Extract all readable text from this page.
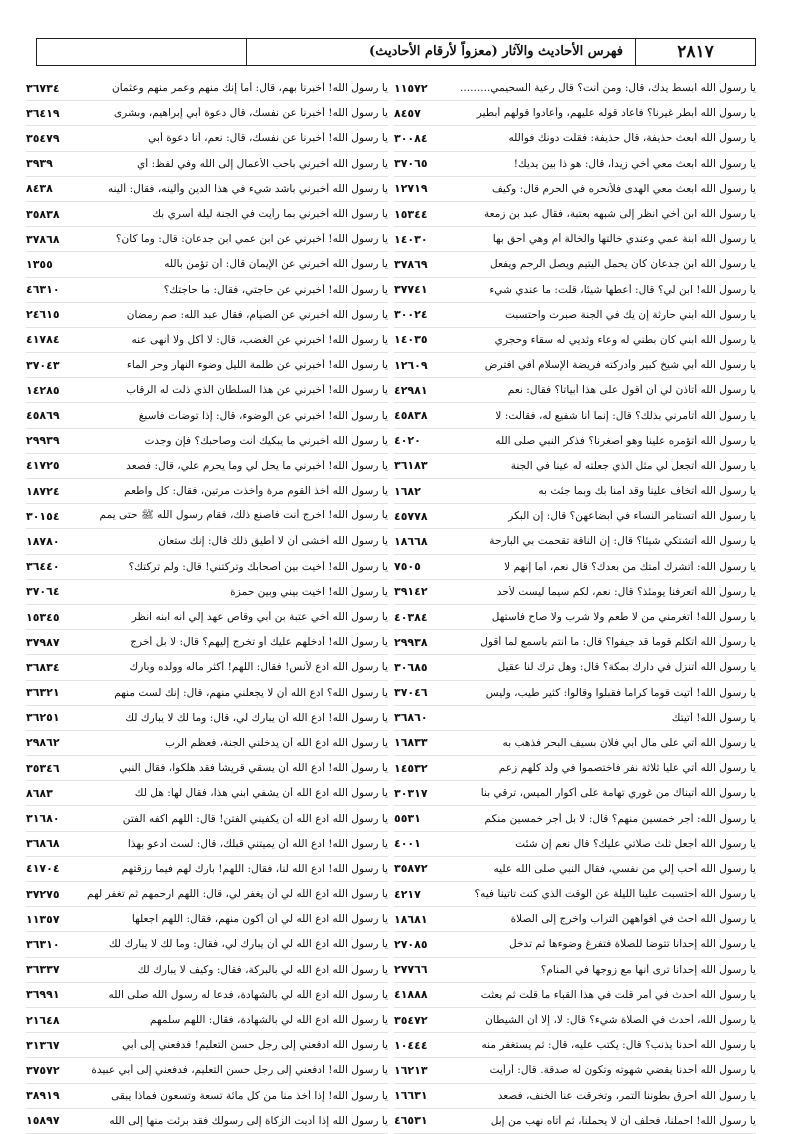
٢٨١٧
فهرس الأحاديث والآثار (معزواً لأرقام الأحاديث)
يا رسول الله ابسط يدك، قال: ومن أنت؟ قال رعية السحيمي.........
١١٥٧٢
يا رسول الله أبطر غيرنا؟ فأعاد قوله عليهم، وأعادوا قولهم أبطير
٨٤٥٧
يا رسول الله ابعث حذيفة، قال حذيفة: فقلت دونك فوالله
٣٠٠٨٤
يا رسول الله ابعث معي أخي زيداً، قال: هو ذا بين يديك!
٣٧٠٦٥
يا رسول الله ابعث معي الهدى فلأنحره في الحرم قال: وكيف
١٢٧١٩
يا رسول الله ابن أخي انظر إلى شبهه بعتبة، فقال عبد بن زمعة
١٥٣٤٤
يا رسول الله ابنة عمي وعندي خالتها والخالة أم وهي أحق بها
١٤٠٣٠
يا رسول الله ابن جدعان كان يحمل اليتيم ويصل الرحم ويفعل
٣٧٨٦٩
يا رسول الله! ابن لي؟ قال: أعطها شيئاً، قلت: ما عندي شيء
٣٧٧٤١
يا رسول الله ابني حارثة إن يك في الجنة صبرت واحتسبت
٣٠٠٢٤
يا رسول الله ابني كان بطني له وعاء وثديي له سقاء وحجري
١٤٠٣٥
يا رسول الله أبي شيخ كبير وأدركته فريضة الإسلام أفي افترض
١٢٦٠٩
يا رسول الله أتأذن لي أن أقول على هذا أبياتاً؟ فقال: نعم
٤٢٩٨١
يا رسول الله أتأمرني بذلك؟ قال: إنما أنا شفيع له، فقالت: لا
٤٥٨٣٨
يا رسول الله أتؤمره علينا وهو أصغرنا؟ فذكر النبي صلى الله
٤٠٢٠
يا رسول الله أتجعل لي مثل الذي جعلته له عيناً في الجنة
٣٦١٨٣
يا رسول الله أتخاف علينا وقد آمنا بك وبما جئت به
١٦٨٢
يا رسول الله أتستأمر النساء في أبضاعهن؟ قال: إن البكر
٤٥٧٧٨
يا رسول الله أتشتكي شيئاً؟ قال: إن الناقة تقحمت بي البارحة
١٨٦٦٨
يا رسول الله: أتشرك أمتك من بعدك؟ قال نعم، أما إنهم لا
٧٥٠٥
يا رسول الله أتعرفنا يومئذ؟ قال: نعم، لكم سيما ليست لأحد
٣٩١٤٢
يا رسول الله! أتغرمني من لا طعم ولا شرب ولا صاح فاستهل
٤٠٣٨٤
يا رسول الله أتكلم قوماً قد جيفوا؟ قال: ما أنتم بأسمع لما أقول
٢٩٩٣٨
يا رسول الله أتنزل في دارك بمكة؟ قال: وهل ترك لنا عقيل
٣٠٦٨٥
يا رسول الله! أتيت قوماً كراماً فقبلوا وقالوا: كثير طيب، وليس
٣٧٠٤٦
يا رسول الله! أتيتك
٣٦٨٦٠
يا رسول الله أتي على مال أبي فلان بسيف البحر فذهب به
١٦٨٣٣
يا رسول الله أتي علياً ثلاثة نفر فاختصموا في ولد كلهم زعم
١٤٥٣٢
يا رسول الله أتيناك من غوري تهامة على أكوار الميس، ترقي بنا
٣٠٣١٧
يا رسول الله: أجر خمسين منهم؟ قال: لا بل أجر خمسين منكم
٥٥٣١
يا رسول الله أجعل ثلث صلاتي عليك؟ قال نعم إن شئت
٤٠٠١
يا رسول الله أحب إلي من نفسي، فقال النبي صلى الله عليه
٣٥٨٧٢
يا رسول الله أحتسبت علينا الليلة عن الوقت الذي كنت تأتينا فيه؟
٤٢١٧
يا رسول الله احث في أفواههن التراب واخرج إلى الصلاة
١٨٦٨١
يا رسول الله إحدانا تتوضأ للصلاة فتفرغ وضوءها ثم تدخل
٢٧٠٨٥
يا رسول الله إحدانا ترى أنها مع زوجها في المنام؟
٢٧٧٦٦
يا رسول الله أحدث في أمر قلت في هذا القباء ما قلت ثم بعثت
٤١٨٨٨
يا رسول الله، أحدث في الصلاة شيء؟ قال: لا، إلا أن الشيطان
٣٥٤٧٢
يا رسول الله أحدنا يذنب؟ قال: يكتب عليه، قال: ثم يستغفر منه
١٠٤٤٤
يا رسول الله أحدنا يقضي شهوته وتكون له صدقة. قال: أرأيت
١٦٢١٣
يا رسول الله أحرق بطوننا التمر، وتخرقت عنا الخنف، فصعد
١٦٦٣١
يا رسول الله! احملنا، فحلف أن لا يحملنا، ثم أتاه نهب من إبل
٤٦٥٣١
يا رسول الله! أخبرنا بهم، قال: أما إنك منهم وعمر منهم وعثمان
٣٦٧٣٤
يا رسول الله! أخبرنا عن نفسك، قال دعوة أبي إبراهيم، وبشرى
٣٦٤١٩
يا رسول الله! أخبرنا عن نفسك، قال: نعم، أنا دعوة أبي
٣٥٤٧٩
يا رسول الله أخبرني بأحب الأعمال إلى الله وفي لفظ: أي
٣٩٣٩
يا رسول الله أخبرني بأشد شيء في هذا الدين وألينه، فقال: ألينه
٨٤٣٨
يا رسول الله أخبرني بما رأيت في الجنة ليلة أسري بك
٣٥٨٣٨
يا رسول الله! أخبرني عن ابن عمي ابن جدعان: قال: وما كان؟
٣٧٨٦٨
يا رسول الله أخبرني عن الإيمان قال: أن تؤمن بالله
١٣٥٥
يا رسول الله! أخبرني عن حاجتي، فقال: ما حاجتك؟
٤٦٣١٠
يا رسول الله أخبرني عن الصيام، فقال عبد الله: صم رمضان
٢٤٦١٥
يا رسول الله! أخبرني عن الغضب، قال: لا أكل ولا أنهى عنه
٤١٧٨٤
يا رسول الله! أخبرني عن ظلمة الليل وضوء النهار وحر الماء
٣٧٠٤٣
يا رسول الله! أخبرني عن هذا السلطان الذي ذلت له الرقاب
١٤٢٨٥
يا رسول الله! أخبرني عن الوضوء، قال: إذا توضأت فأسبغ
٤٥٨٦٩
يا رسول الله أخبرني ما يبكيك أنت وصاحبك؟ فإن وجدت
٢٩٩٣٩
يا رسول الله! أخبرني ما يحل لي وما يحرم علي، قال: فصعد
٤١٧٢٥
يا رسول الله أخذ القوم مرة وأخذت مرتين، فقال: كل واطعم
١٨٧٢٤
يا رسول الله! اخرج أنت فاصنع ذلك، فقام رسول الله ﷺ حتى يمم
٣٠١٥٤
يا رسول الله أخشى أن لا أطيق ذلك قال: إنك ستعان
١٨٧٨٠
يا رسول الله! أخيت بين أصحابك وتركتني! قال: ولم تركتك؟
٣٦٤٤٠
يا رسول الله! آخيت بيني وبين حمزة
٣٧٠٦٤
يا رسول الله أخي عتبة بن أبي وقاص عهد إلي أنه ابنه انظر
١٥٣٤٥
يا رسول الله! أدخلهم عليك أو تخرج إليهم؟ قال: لا بل أخرج
٣٧٩٨٧
يا رسول الله ادع لأنس! فقال: اللهم! أكثر ماله وولده وبارك
٣٦٨٣٤
يا رسول الله؟ ادع الله أن لا يجعلني منهم، قال: إنك لست منهم
٣٦٣٢١
يا رسول الله! ادع الله أن يبارك لي، قال: وما لك لا يبارك لك
٣٦٢٥١
يا رسول الله ادع الله أن يدخلني الجنة، فعظم الرب
٢٩٨٦٢
يا رسول الله! أدع الله أن يسقي قريشاً فقد هلكوا، فقال النبي
٣٥٣٤٦
يا رسول الله ادع الله أن يشفي ابني هذا، فقال لها: هل لك
٨٦٨٣
يا رسول الله ادع الله أن يكفيني الفتن! قال: اللهم اكفه الفتن
٣١٦٨٠
يا رسول الله! ادع الله أن يميتني قبلك، قال: لست أدعو بهذا
٣٦٨٦٨
يا رسول الله! ادع الله لنا، فقال: اللهم! بارك لهم فيما رزقتهم
٤١٧٠٤
يا رسول الله ادع الله لي أن يغفر لي، قال: اللهم ارحمهم ثم تغفر لهم
٣٧٢٧٥
يا رسول الله ادع الله لي أن أكون منهم، فقال: اللهم اجعلها
١١٣٥٧
يا رسول الله ادع الله لي أن يبارك لي، فقال: وما لك لا يبارك لك
٣٦٣١٠
يا رسول الله ادع الله لي بالبركة، فقال: وكيف لا يبارك لك
٣٦٣٣٧
يا رسول الله ادع الله لي بالشهادة، فدعا له رسول الله صلى الله
٣٦٩٩١
يا رسول الله ادع الله لي بالشهادة، فقال: اللهم سلمهم
٢١٦٤٨
يا رسول الله ادفعني إلى رجل حسن التعليم! فدفعني إلى أبي
٣١٣٦٧
يا رسول الله! ادفعني إلى رجل حسن التعليم، فدفعني إلى أبي عبيدة
٣٧٥٧٢
يا رسول الله! إذا أخذ منا من كل مائة تسعة وتسعون فماذا يبقى
٣٨٩١٩
يا رسول الله إذا أديت الزكاة إلى رسولك فقد برئت منها إلى الله
١٥٨٩٧
